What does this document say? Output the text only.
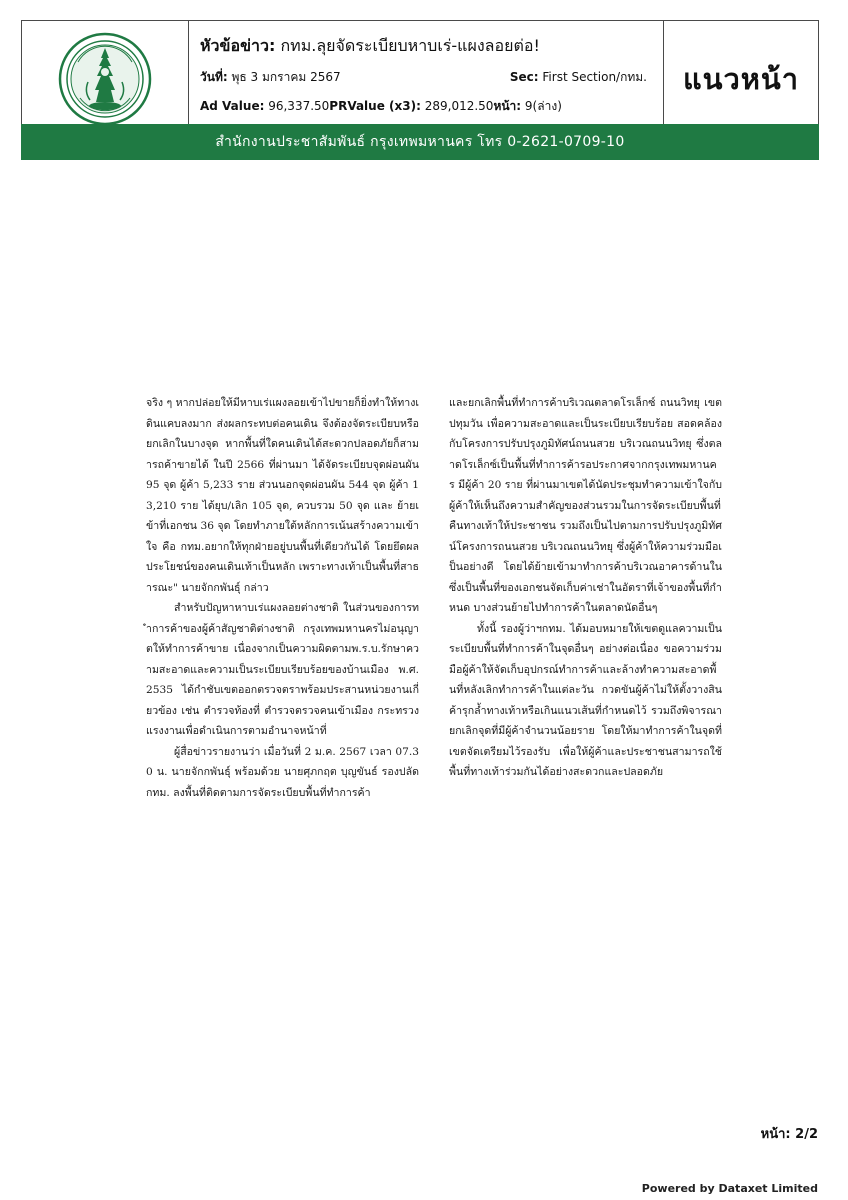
หัวข้อข่าว: กทม.ลุยจัดระเบียบหาบเร่-แผงลอยต่อ!
วันที่: พุธ 3 มกราคม 2567	Sec: First Section/กทม.
Ad Value: 96,337.50PRValue (x3): 289,012.50หน้า: 9(ล่าง)
แนวหน้า
สำนักงานประชาสัมพันธ์ กรุงเทพมหานคร โทร 0-2621-0709-10

จริง ๆ หากปล่อยให้มีหาบเร่แผงลอยเข้าไปขายก็ยิ่งทำให้ทางเดินแคบลงมาก ส่งผลกระทบต่อคนเดิน จึงต้องจัดระเบียบหรือยกเลิกในบางจุด หากพื้นที่ใดคนเดินได้สะดวกปลอดภัยก็สามารถค้าขายได้ ในปี 2566 ที่ผ่านมา ได้จัดระเบียบจุดผ่อนผัน 95 จุด ผู้ค้า 5,233 ราย ส่วนนอกจุดผ่อนผัน 544 จุด ผู้ค้า 13,210 ราย ได้ยุบ/เลิก 105 จุด, ควบรวม 50 จุด และ ย้ายเข้าที่เอกชน 36 จุด โดยทำภายใต้หลักการเน้นสร้างความเข้าใจ คือ กทม.อยากให้ทุกฝ่ายอยู่บนพื้นที่เดียวกันได้ โดยยึดผลประโยชน์ของคนเดินเท้าเป็นหลัก เพราะทางเท้าเป็นพื้นที่สาธารณะ" นายจักกพันธุ์ กล่าว

สำหรับปัญหาหาบเร่แผงลอยต่างชาติ ในส่วนของการทำการค้าของผู้ค้าสัญชาติต่างชาติ กรุงเทพมหานครไม่อนุญาตให้ทำการค้าขาย เนื่องจากเป็นความผิดตามพ.ร.บ.รักษาความสะอาดและความเป็นระเบียบเรียบร้อยของบ้านเมือง พ.ศ.2535 ได้กำชับเขตออกตรวจตราพร้อมประสานหน่วยงานเกี่ยวข้อง เช่น ตำรวจท้องที่ ตำรวจตรวจคนเข้าเมือง กระทรวงแรงงานเพื่อดำเนินการตามอำนาจหน้าที่

ผู้สื่อข่าวรายงานว่า เมื่อวันที่ 2 ม.ค. 2567 เวลา 07.30 น. นายจักกพันธุ์ พร้อมด้วย นายศุภกฤต บุญขันธ์ รองปลัดกทม. ลงพื้นที่ติดตามการจัดระเบียบพื้นที่ทำการค้า

และยกเลิกพื้นที่ทำการค้าบริเวณตลาดโรเล็กซ์ ถนนวิทยุ เขตปทุมวัน เพื่อความสะอาดและเป็นระเบียบเรียบร้อย สอดคล้องกับโครงการปรับปรุงภูมิทัศน์ถนนสวย บริเวณถนนวิทยุ ซึ่งตลาดโรเล็กซ์เป็นพื้นที่ทำการค้ารอประกาศจากกรุงเทพมหานคร มีผู้ค้า 20 ราย ที่ผ่านมาเขตได้นัดประชุมทำความเข้าใจกับผู้ค้าให้เห็นถึงความสำคัญของส่วนรวมในการจัดระเบียบพื้นที่คืนทางเท้าให้ประชาชน รวมถึงเป็นไปตามการปรับปรุงภูมิทัศน์โครงการถนนสวย บริเวณถนนวิทยุ ซึ่งผู้ค้าให้ความร่วมมือเป็นอย่างดี โดยได้ย้ายเข้ามาทำการค้าบริเวณอาคารด้านในซึ่งเป็นพื้นที่ของเอกชนจัดเก็บค่าเช่าในอัตราที่เจ้าของพื้นที่กำหนด บางส่วนย้ายไปทำการค้าในตลาดนัดอื่นๆ

ทั้งนี้ รองผู้ว่าฯกทม. ได้มอบหมายให้เขตดูแลความเป็นระเบียบพื้นที่ทำการค้าในจุดอื่นๆ อย่างต่อเนื่อง ขอความร่วมมือผู้ค้าให้จัดเก็บอุปกรณ์ทำการค้าและล้างทำความสะอาดพื้นที่หลังเลิกทำการค้าในแต่ละวัน กวดขันผู้ค้าไม่ให้ตั้งวางสินค้ารุกล้ำทางเท้าหรือเกินแนวเส้นที่กำหนดไว้ รวมถึงพิจารณายกเลิกจุดที่มีผู้ค้าจำนวนน้อยราย โดยให้มาทำการค้าในจุดที่เขตจัดเตรียมไว้รองรับ เพื่อให้ผู้ค้าและประชาชนสามารถใช้พื้นที่ทางเท้าร่วมกันได้อย่างสะดวกและปลอดภัย

หน้า: 2/2
Powered by Dataxet Limited
